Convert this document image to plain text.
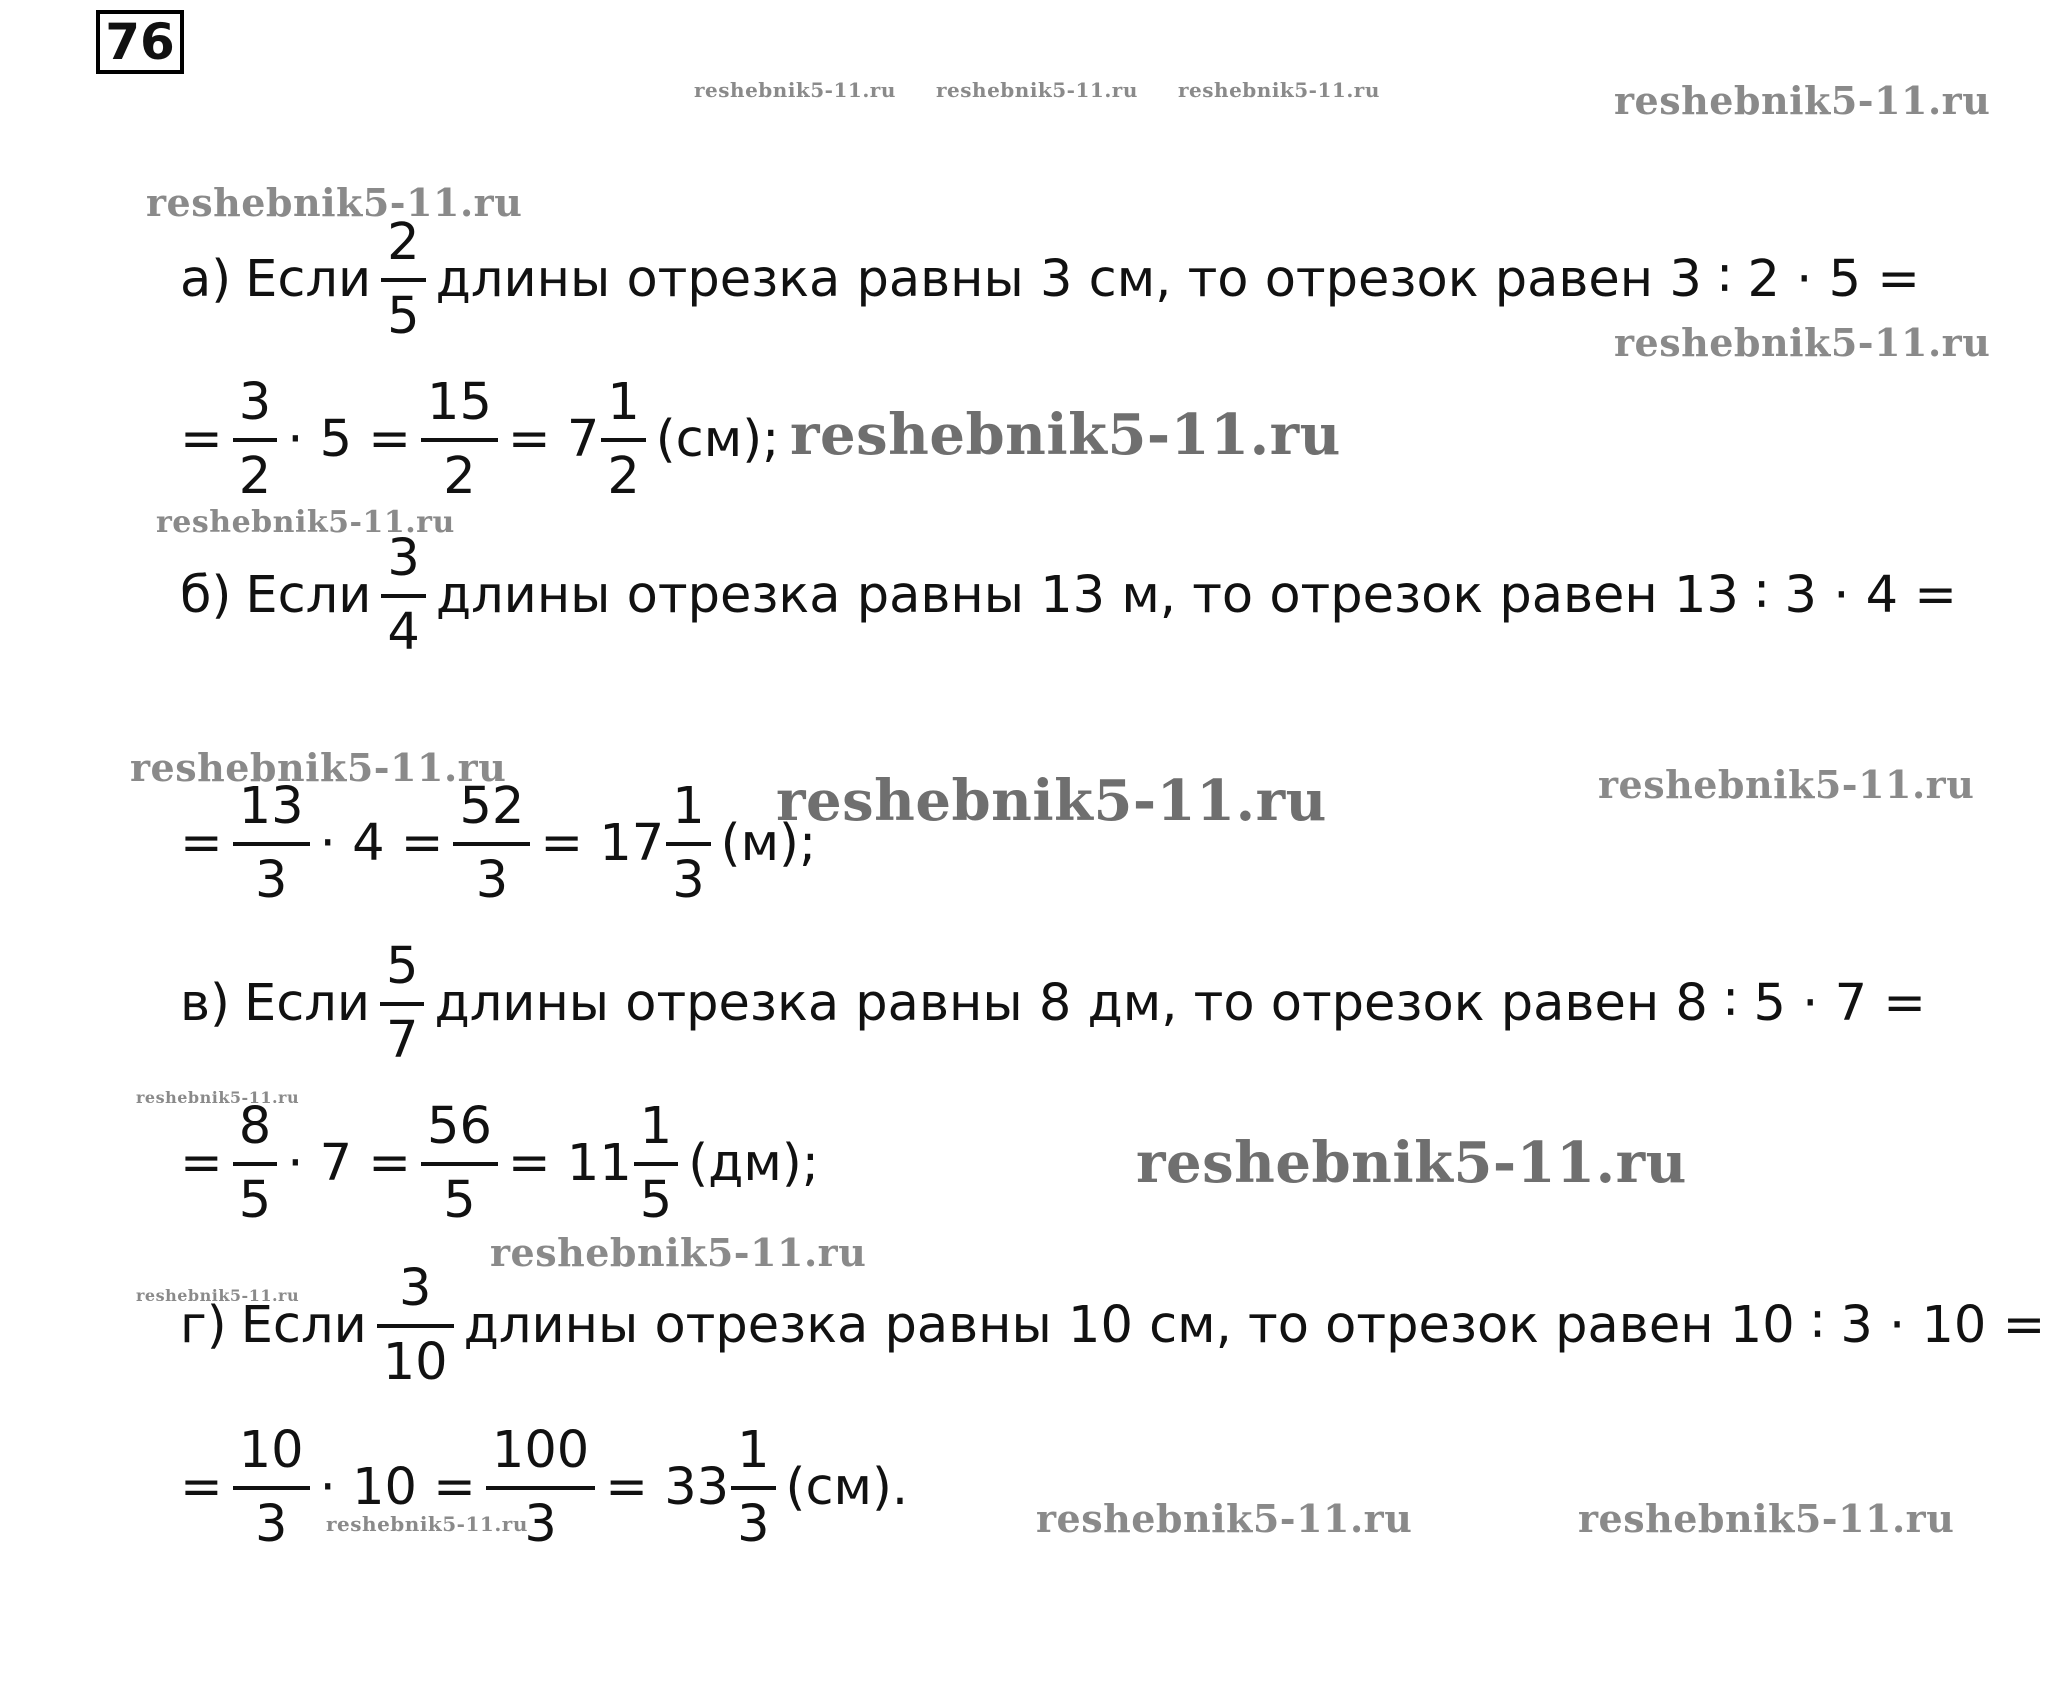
76
reshebnik5-11.ru reshebnik5-11.ru reshebnik5-11.ru	reshebnik5-11.ru
reshebnik5-11.ru
reshebnik5-11.ru
reshebnik5-11.ru
reshebnik5-11.ru
reshebnik5-11.ru
reshebnik5-11.ru	reshebnik5-11.ru
reshebnik5-11.ru
reshebnik5-11.ru
reshebnik5-11.ru
reshebnik5-11.ru
reshebnik5-11.ru	reshebnik5-11.ru	reshebnik5-11.ru
а) Если $\frac{2}{5}$ длины отрезка равны 3 см, то отрезок равен 3 ∶ 2 · 5 =
= $\frac{3}{2} \cdot 5 = \frac{15}{2} = 7 \frac{1}{2} (см)$;
б) Если $\frac{3}{4}$ длины отрезка равны 13 м, то отрезок равен 13 ∶ 3 · 4 =
= $\frac{13}{3} \cdot 4 = \frac{52}{3} = 17 \frac{1}{3} (м)$;
в) Если $\frac{5}{7}$ длины отрезка равны 8 дм, то отрезок равен 8 ∶ 5 · 7 =
= $\frac{8}{5} \cdot 7 = \frac{56}{5} = 11 \frac{1}{5} (дм)$;
г) Если $\frac{3}{10}$ длины отрезка равны 10 см, то отрезок равен 10 ∶ 3 · 10 =
= $\frac{10}{3} \cdot 10 = \frac{100}{3} = 33 \frac{1}{3} (см)$.
